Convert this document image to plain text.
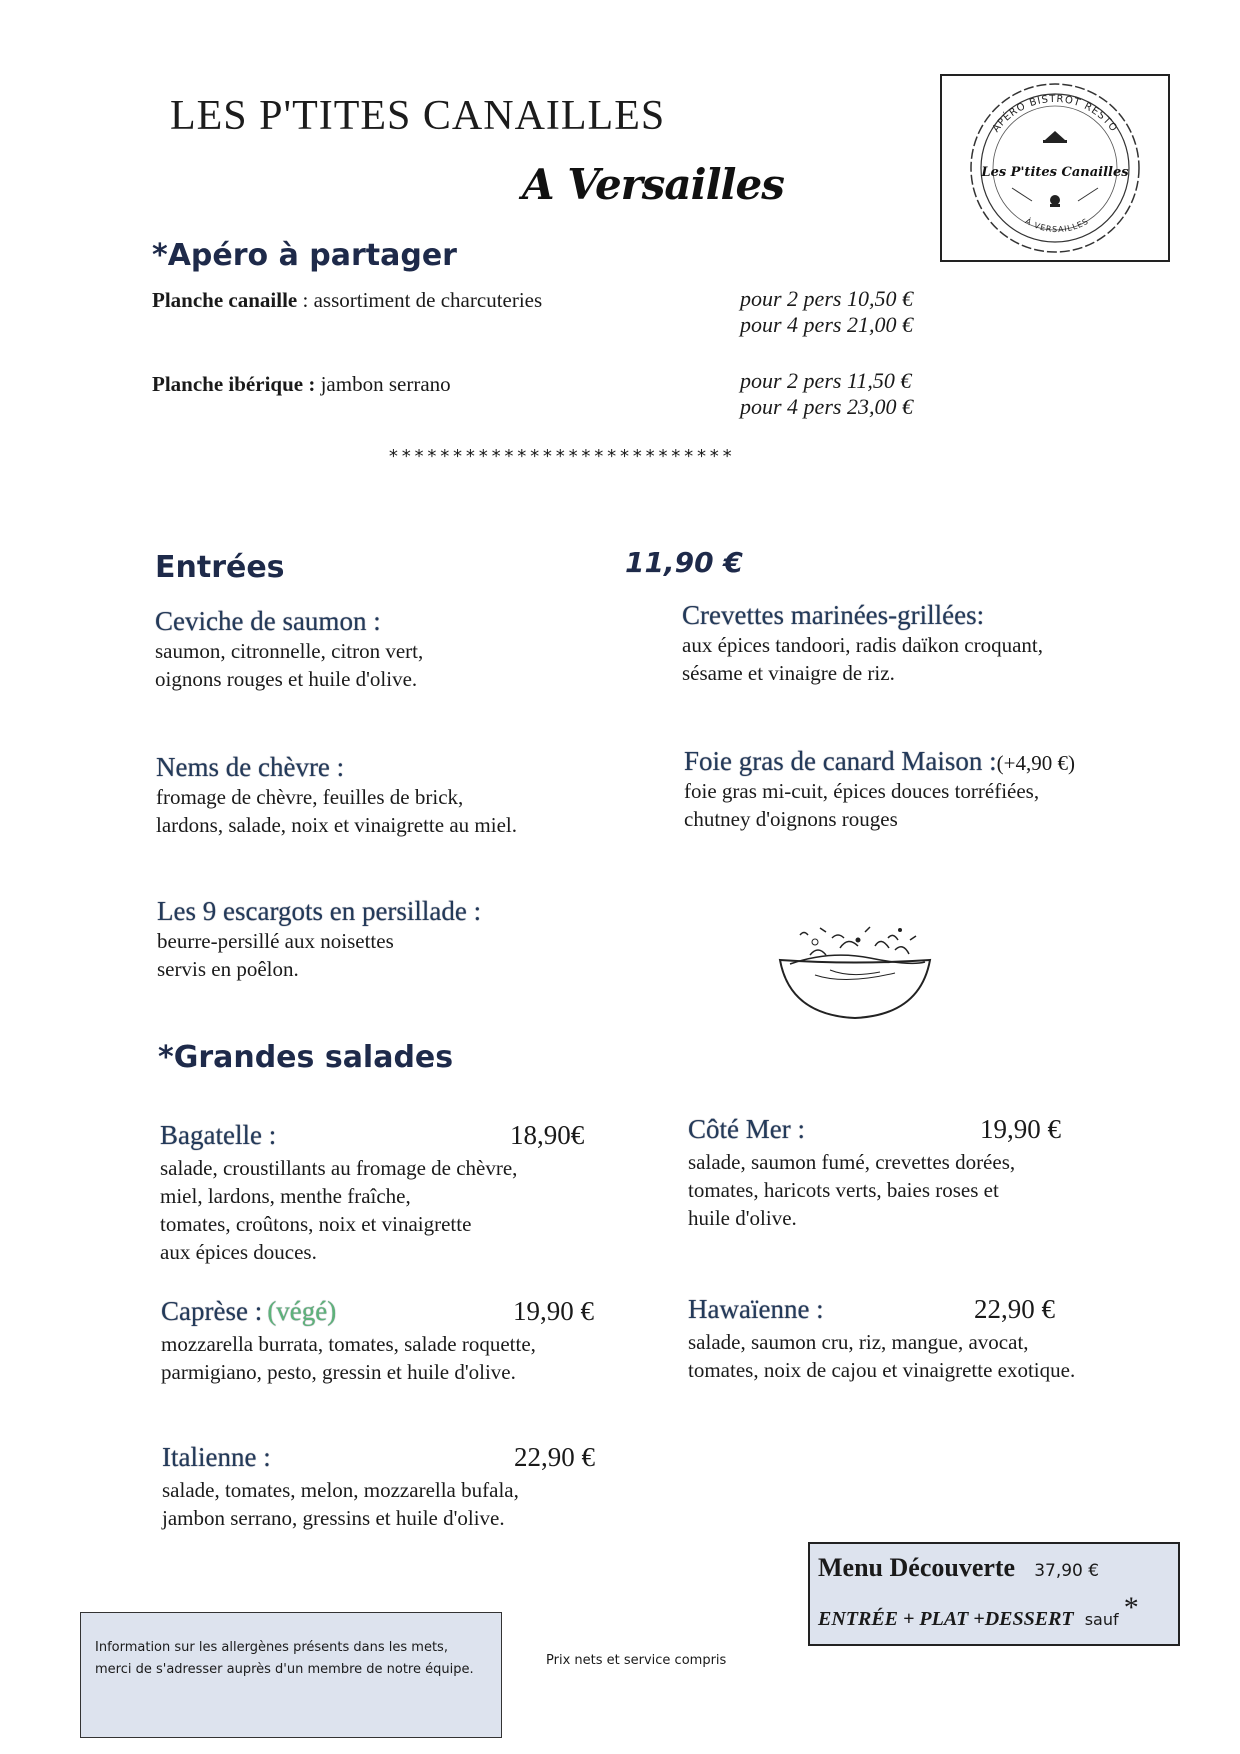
LES P'TITES CANAILLES
A Versailles
APÉRO BISTROT RESTO
À VERSAILLES
Les P'tites Canailles
*Apéro à partager
Planche canaille : assortiment de charcuteries	pour 2 pers 10,50 €
pour 4 pers 21,00 €
Planche ibérique : jambon serrano	pour 2 pers 11,50 €
pour 4 pers 23,00 €
***************************
Entrées	11,90 €
Ceviche de saumon :
saumon, citronnelle, citron vert,
oignons rouges et huile d'olive.
Crevettes marinées-grillées:
aux épices tandoori, radis daïkon croquant,
sésame et vinaigre de riz.
Nems de chèvre :
fromage de chèvre, feuilles de brick,
lardons, salade, noix et vinaigrette au miel.
Foie gras de canard Maison :(+4,90 €)
foie gras mi-cuit, épices douces torréfiées,
chutney d'oignons rouges
Les 9 escargots en persillade :
beurre-persillé aux noisettes
servis en poêlon.
*Grandes salades
Bagatelle :	18,90€
salade, croustillants au fromage de chèvre,
miel, lardons, menthe fraîche,
tomates, croûtons, noix et vinaigrette
aux épices douces.
Côté Mer :	19,90 €
salade, saumon fumé, crevettes dorées,
tomates, haricots verts, baies roses et
huile d'olive.
Caprèse : (végé)	19,90 €
mozzarella burrata, tomates, salade roquette,
parmigiano, pesto, gressin et huile d'olive.
Hawaïenne :	22,90 €
salade, saumon cru, riz, mangue, avocat,
tomates, noix de cajou et vinaigrette exotique.
Italienne :	22,90 €
salade, tomates, melon, mozzarella bufala,
jambon serrano, gressins et huile d'olive.
Menu Découverte 37,90 €
ENTRÉE + PLAT +DESSERT sauf *
Information sur les allergènes présents dans les mets,
merci de s'adresser auprès d'un membre de notre équipe.
Prix nets et service compris
